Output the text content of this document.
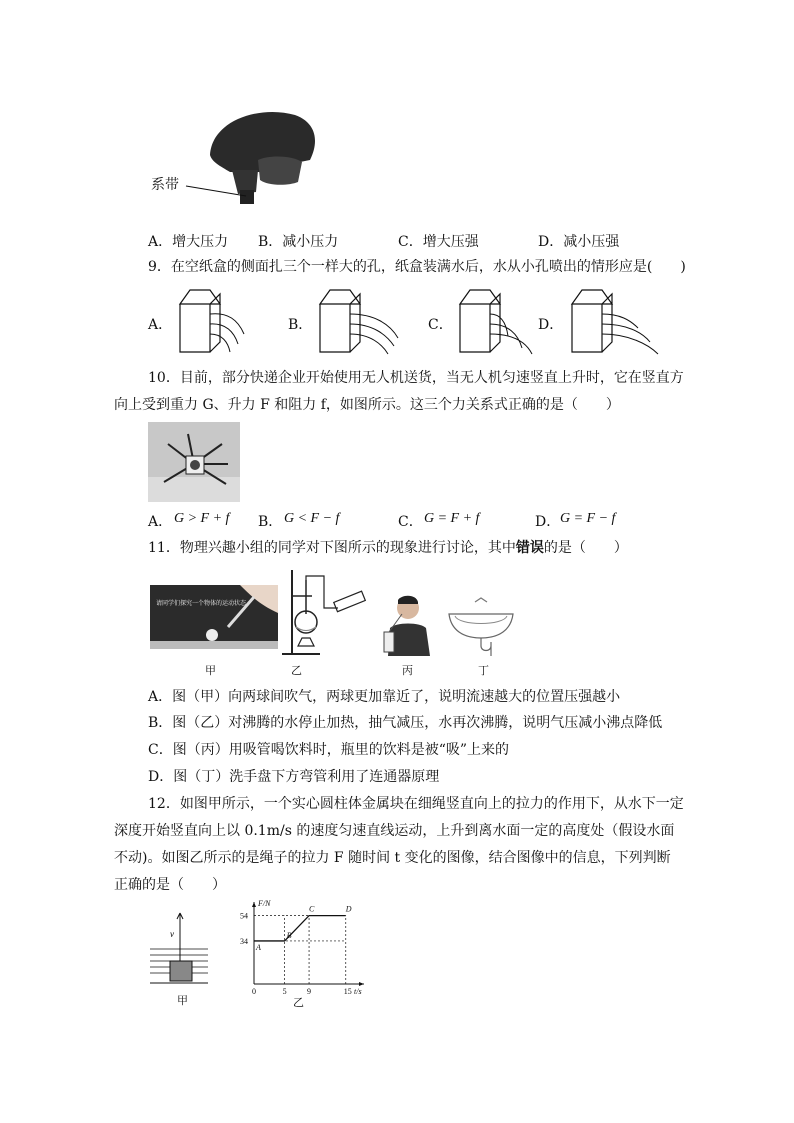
系带
A．增大压力 B．减小压力	C．增大压强	D．减小压强
9．在空纸盒的侧面扎三个一样大的孔，纸盒装满水后，水从小孔喷出的情形应是(　　)
A．	B．	C．	D．
10．目前，部分快递企业开始使用无人机送货，当无人机匀速竖直上升时，它在竖直方
向上受到重力 G、升力 F 和阻力 f，如图所示。这三个力关系式正确的是（　　）
A． G > F + f B． G < F − f	C． G = F + f	D． G = F − f
11．物理兴趣小组的同学对下图所示的现象进行讨论，其中错误的是（　　）
请同学们探究一个物体的运动状态
甲	乙	丙	丁
A．图（甲）向两球间吹气，两球更加靠近了，说明流速越大的位置压强越小
B．图（乙）对沸腾的水停止加热，抽气减压，水再次沸腾，说明气压减小沸点降低
C．图（丙）用吸管喝饮料时，瓶里的饮料是被“吸”上来的
D．图（丁）洗手盘下方弯管利用了连通器原理
12．如图甲所示，一个实心圆柱体金属块在细绳竖直向上的拉力的作用下，从水下一定
深度开始竖直向上以 0.1m/s 的速度匀速直线运动，上升到离水面一定的高度处（假设水面
不动)。如图乙所示的是绳子的拉力 F 随时间 t 变化的图像，结合图像中的信息，下列判断
正确的是（　　）
v
甲
F/N
t/s
0	5	9	15
34
54
A
B
C	D
乙
